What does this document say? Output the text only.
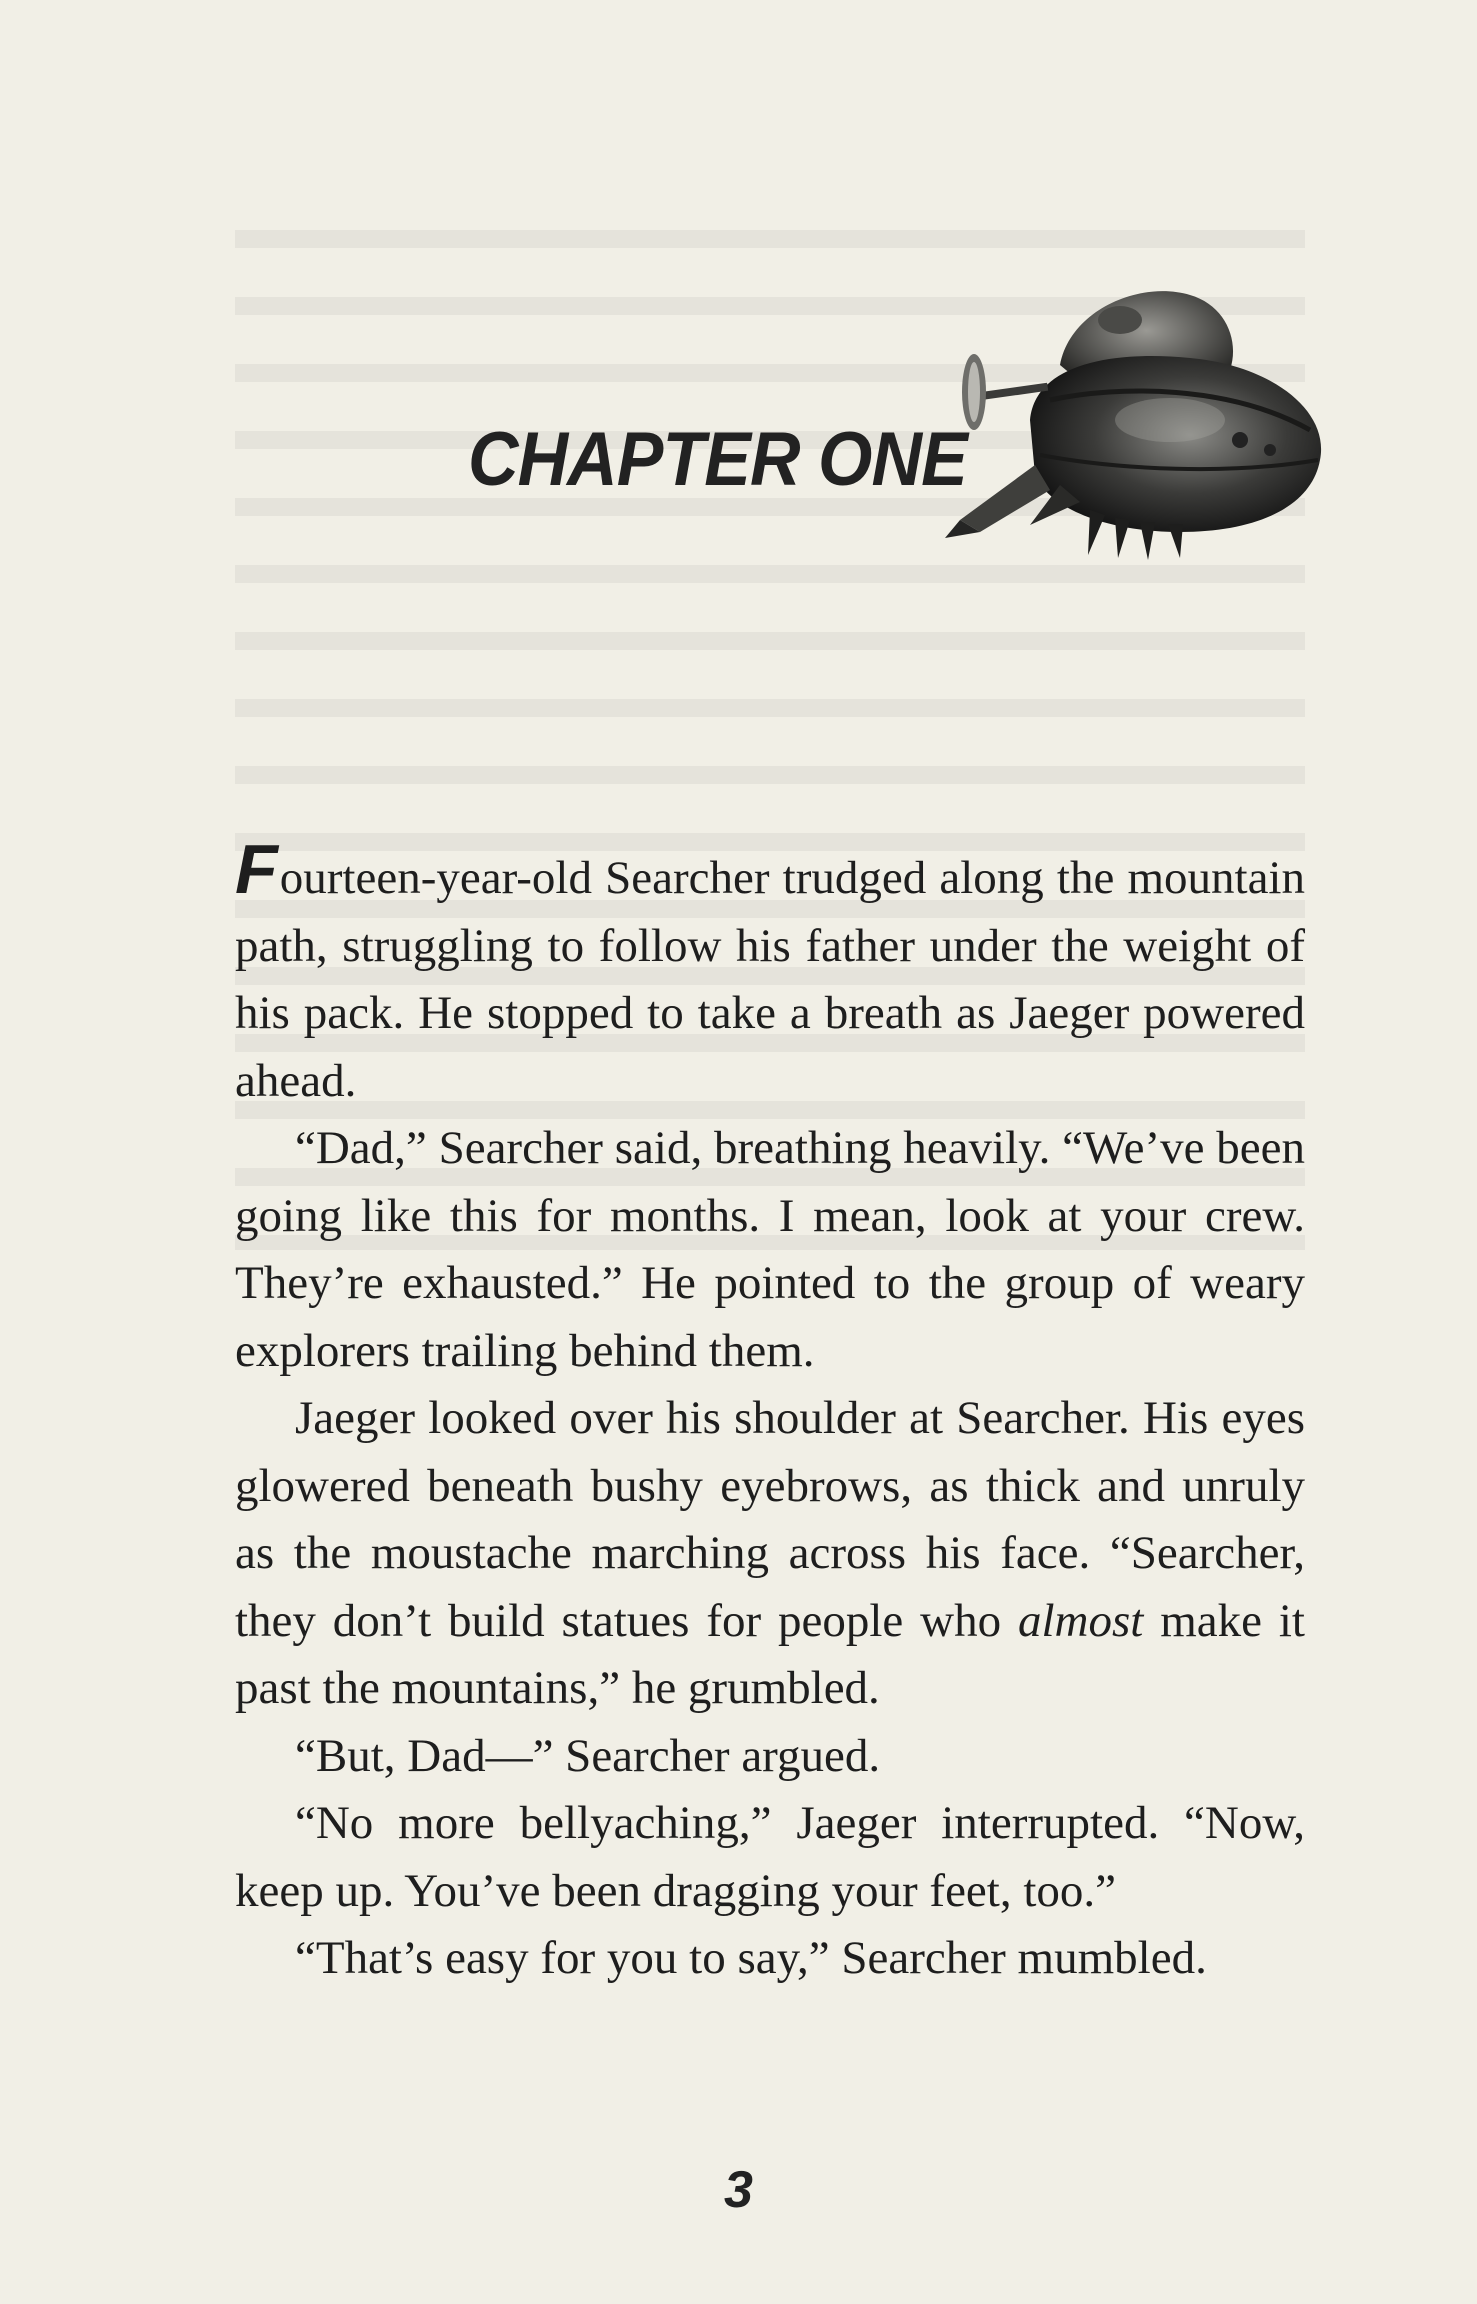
CHAPTER ONE

Fourteen-year-old Searcher trudged along the mountain path, struggling to follow his father under the weight of his pack. He stopped to take a breath as Jaeger powered ahead.

“Dad,” Searcher said, breathing heavily. “We’ve been going like this for months. I mean, look at your crew. They’re exhausted.” He pointed to the group of weary explorers trailing behind them.

Jaeger looked over his shoulder at Searcher. His eyes glowered beneath bushy eyebrows, as thick and unruly as the moustache marching across his face. “Searcher, they don’t build statues for people who almost make it past the mountains,” he grumbled.

“But, Dad—” Searcher argued.

“No more bellyaching,” Jaeger interrupted. “Now, keep up. You’ve been dragging your feet, too.”

“That’s easy for you to say,” Searcher mumbled.

3
